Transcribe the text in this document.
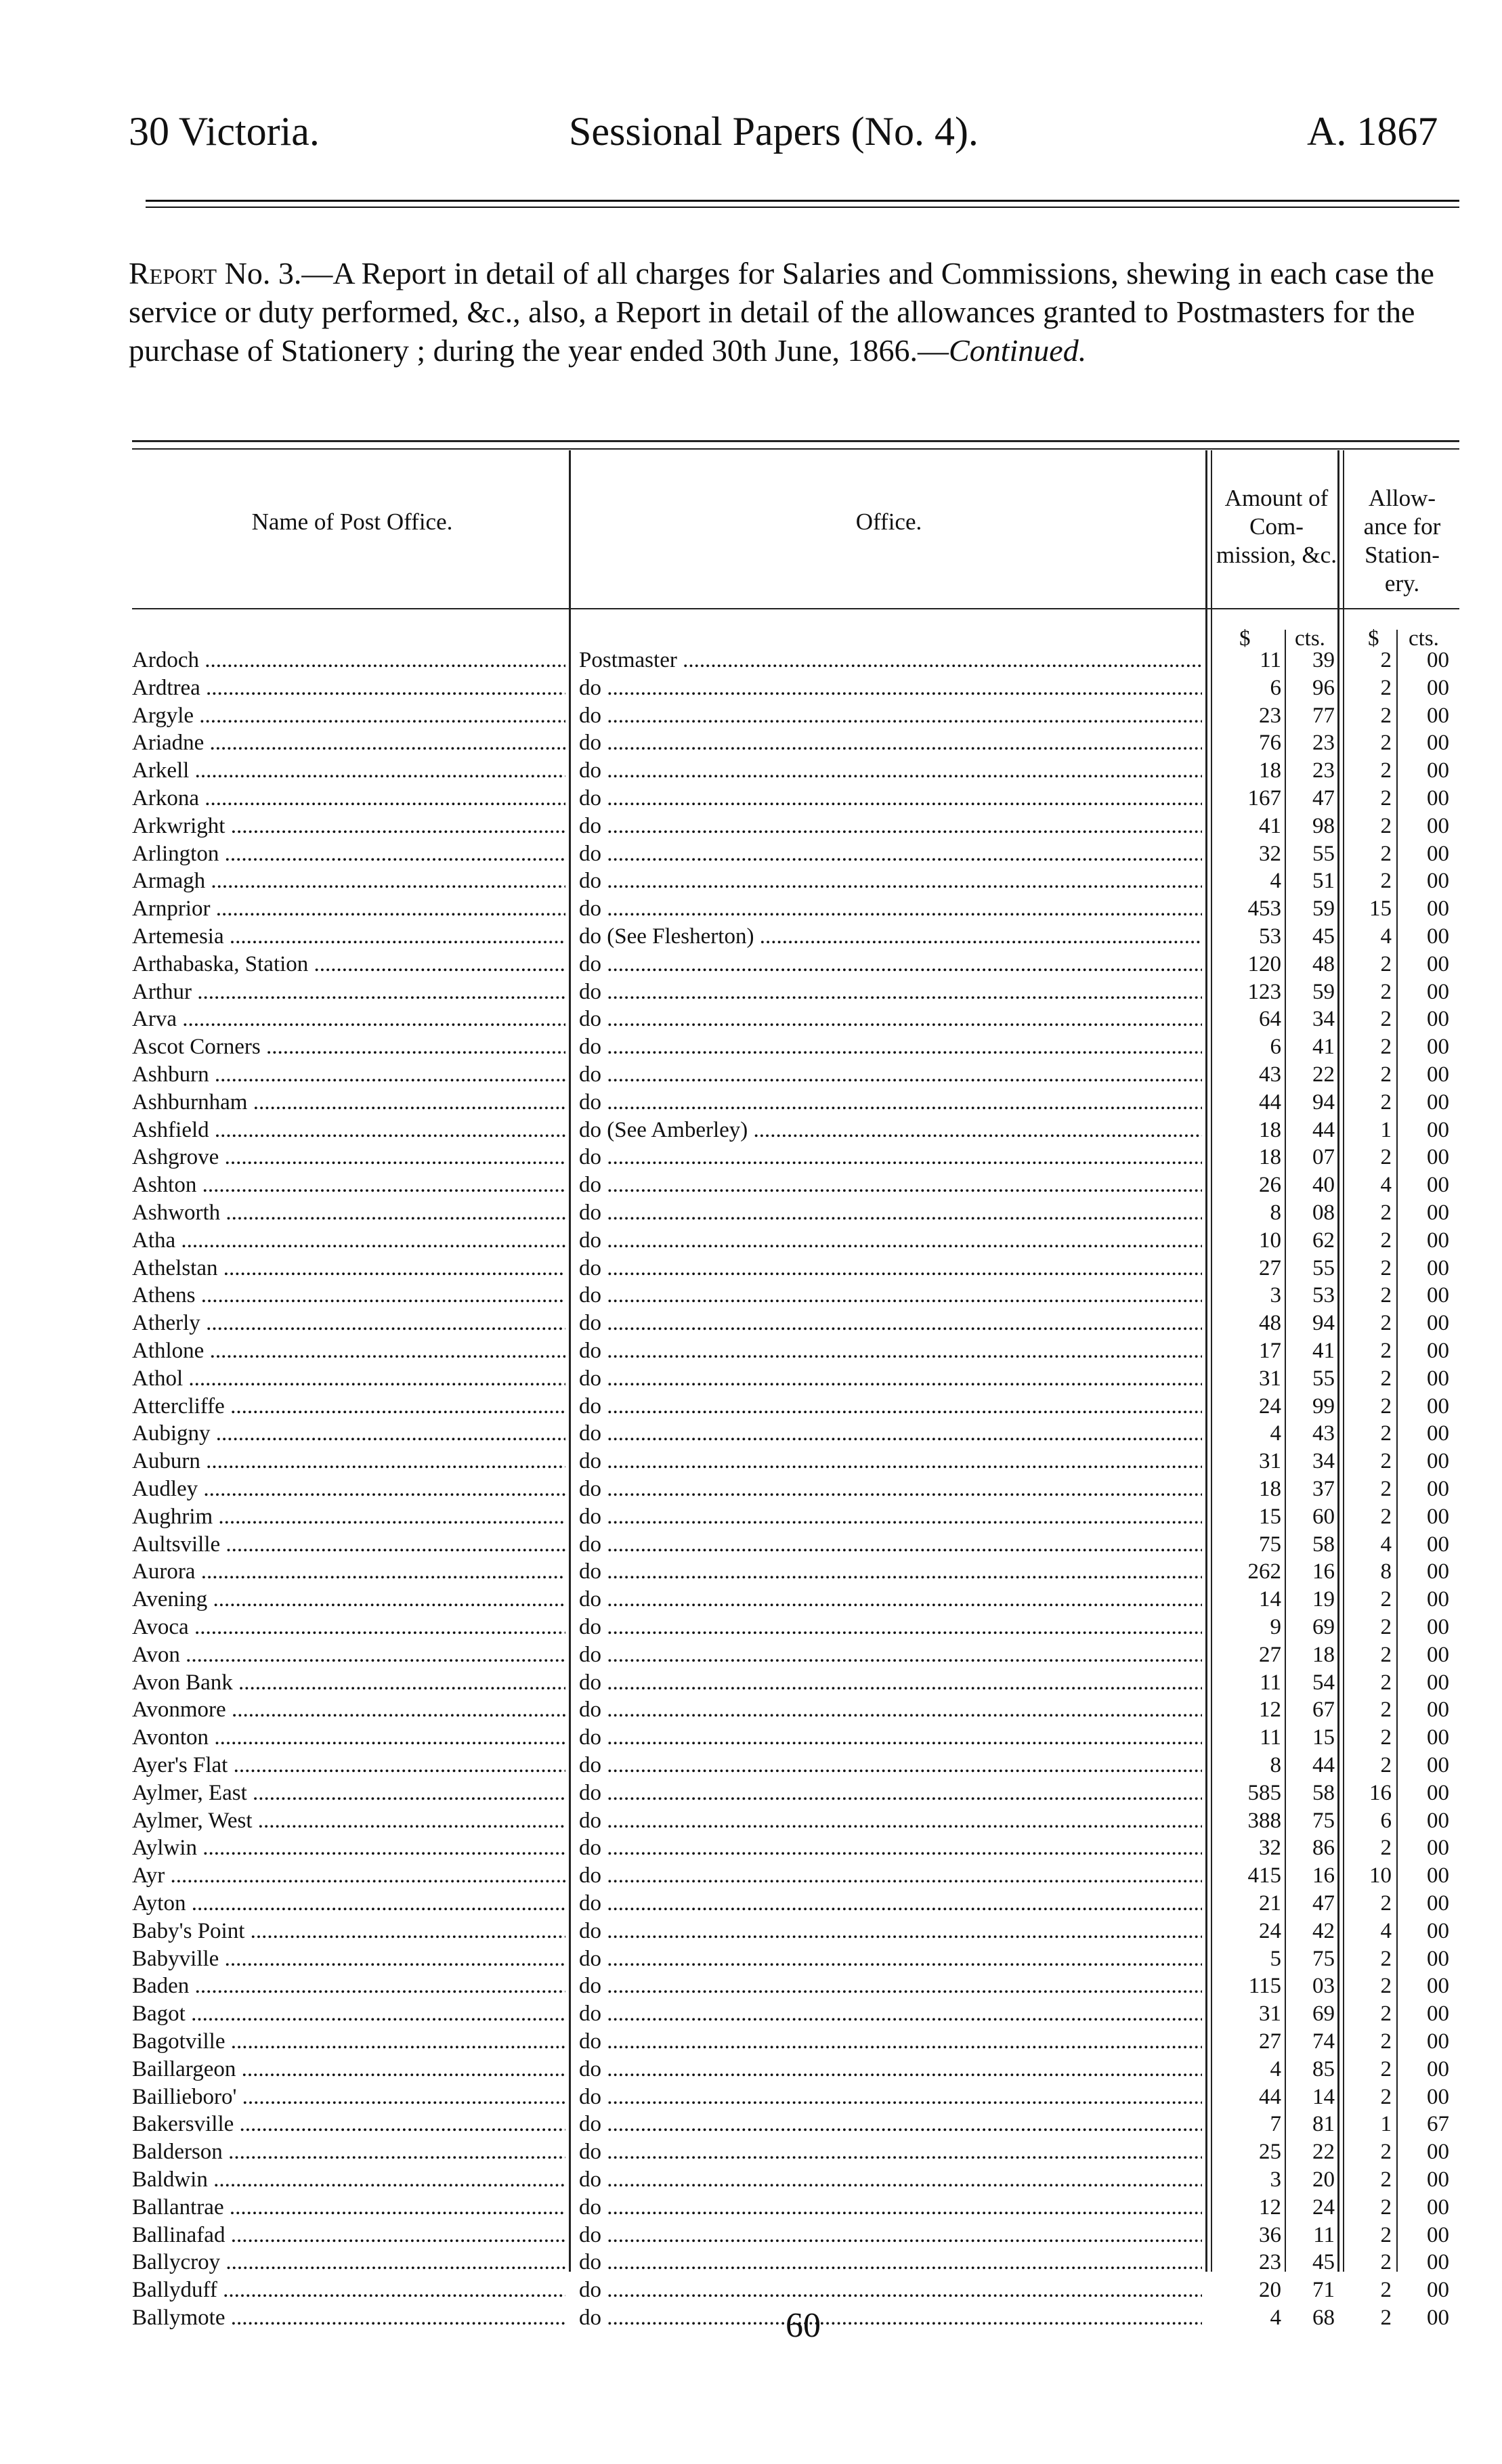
30 Victoria.	Sessional Papers (No. 4).	A. 1867

Report No. 3.—A Report in detail of all charges for Salaries and Commissions, shewing in each case the service or duty performed, &c., also, a Report in detail of the allowances granted to Postmasters for the purchase of Stationery ; during the year ended 30th June, 1866.—Continued.

Name of Post Office.	Office.
Amount of Com- mission, &c.
Allow- ance for Station- ery.
$ cts. $ cts.
Ardoch .....	Postmaster .....	11	39	2	00
Ardtrea .....	do .....	6	96	2	00
Argyle .....	do .....	23	77	2	00
Ariadne .....	do .....	76	23	2	00
Arkell .....	do .....	18	23	2	00
Arkona .....	do .....	167	47	2	00
Arkwright .....	do .....	41	98	2	00
Arlington .....	do .....	32	55	2	00
Armagh .....	do .....	4	51	2	00
Arnprior .....	do .....	453	59	15	00
Artemesia .....	do (See Flesherton) .....	53	45	4	00
Arthabaska, Station .....	do .....	120	48	2	00
Arthur .....	do .....	123	59	2	00
Arva .....	do .....	64	34	2	00
Ascot Corners .....	do .....	6	41	2	00
Ashburn .....	do .....	43	22	2	00
Ashburnham .....	do .....	44	94	2	00
Ashfield .....	do (See Amberley) .....	18	44	1	00
Ashgrove .....	do .....	18	07	2	00
Ashton .....	do .....	26	40	4	00
Ashworth .....	do .....	8	08	2	00
Atha .....	do .....	10	62	2	00
Athelstan .....	do .....	27	55	2	00
Athens .....	do .....	3	53	2	00
Atherly .....	do .....	48	94	2	00
Athlone .....	do .....	17	41	2	00
Athol .....	do .....	31	55	2	00
Attercliffe .....	do .....	24	99	2	00
Aubigny .....	do .....	4	43	2	00
Auburn .....	do .....	31	34	2	00
Audley .....	do .....	18	37	2	00
Aughrim .....	do .....	15	60	2	00
Aultsville .....	do .....	75	58	4	00
Aurora .....	do .....	262	16	8	00
Avening .....	do .....	14	19	2	00
Avoca .....	do .....	9	69	2	00
Avon .....	do .....	27	18	2	00
Avon Bank .....	do .....	11	54	2	00
Avonmore .....	do .....	12	67	2	00
Avonton .....	do .....	11	15	2	00
Ayer's Flat .....	do .....	8	44	2	00
Aylmer, East .....	do .....	585	58	16	00
Aylmer, West .....	do .....	388	75	6	00
Aylwin .....	do .....	32	86	2	00
Ayr .....	do .....	415	16	10	00
Ayton .....	do .....	21	47	2	00
Baby's Point .....	do .....	24	42	4	00
Babyville .....	do .....	5	75	2	00
Baden .....	do .....	115	03	2	00
Bagot .....	do .....	31	69	2	00
Bagotville .....	do .....	27	74	2	00
Baillargeon .....	do .....	4	85	2	00
Baillieboro' .....	do .....	44	14	2	00
Bakersville .....	do .....	7	81	1	67
Balderson .....	do .....	25	22	2	00
Baldwin .....	do .....	3	20	2	00
Ballantrae .....	do .....	12	24	2	00
Ballinafad .....	do .....	36	11	2	00
Ballycroy .....	do .....	23	45	2	00
Ballyduff .....	do .....	20	71	2	00
Ballymote .....	do .....	4	68	2	00
60
